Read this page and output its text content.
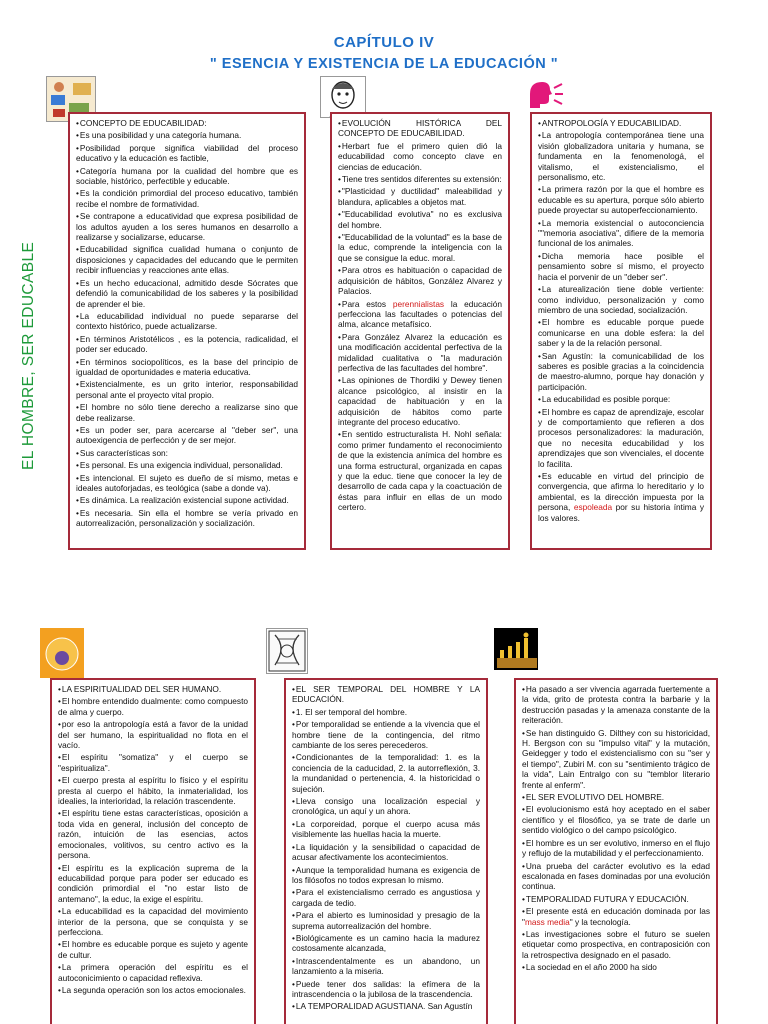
CAPÍTULO IV
" ESENCIA Y EXISTENCIA DE LA EDUCACIÓN "
EL HOMBRE, SER EDUCABLE
• CONCEPTO DE EDUCABILIDAD:
• Es una posibilidad y una categoría humana.
• Posibilidad porque significa viabilidad del proceso educativo y la educación es factible,
• Categoría humana por la cualidad del hombre que es sociable, histórico, perfectible y educable.
• Es la condición primordial del proceso educativo, también recibe el nombre de formatividad.
• Se contrapone a educatividad que expresa posibilidad de los adultos ayuden a los seres humanos en desarrollo a realizarse y socializarse, educarse.
• Educabilidad significa cualidad humana o conjunto de disposiciones y capacidades del educando que le permiten recibir influencias y reacciones ante ellas.
• Es un hecho educacional, admitido desde Sócrates que defendió la comunicabilidad de los saberes y la posibilidad de aprender el bie.
• La educabilidad individual no puede separarse del contexto histórico, puede actualizarse.
• En términos Aristotélicos , es la potencia, radicalidad, el poder ser educado.
• En términos sociopolíticos, es la base del principio de igualdad de oportunidades e materia educativa.
• Existencialmente, es un grito interior, responsabilidad personal ante el proyecto vital propio.
• El hombre no sólo tiene derecho a realizarse sino que debe realizarse.
• Es un poder ser, para acercarse al "deber ser", una autoexigencia de perfección y de ser mejor.
• Sus características son:
• Es personal. Es una exigencia individual, personalidad.
• Es intencional. El sujeto es dueño de sí mismo, metas e ideales autoforjadas, es teológica (sabe a donde va).
• Es dinámica. La realización existencial supone actividad.
• Es necesaria. Sin ella el hombre se vería privado en autorrealización, personalización y socialización.
• EVOLUCIÓN HISTÓRICA DEL CONCEPTO DE EDUCABILIDAD.
• Herbart fue el primero quien dió la educabilidad como concepto clave en ciencias de educación.
• Tiene tres sentidos diferentes su extensión:
• "Plasticidad y ductilidad" maleabilidad y blandura, aplicables a objetos mat.
• "Educabilidad evolutiva" no es exclusiva del hombre.
• "Educabilidad de la voluntad" es la base de la educ, comprende la inteligencia con la que se consigue la educ. moral.
• Para otros es habituación o capacidad de adquisición de hábitos, González Alvarez y Palacios.
• Para estos perennialistas la educación perfecciona las facultades o potencias del alma, alcance metafísico.
• Para González Alvarez la educación es una modificación accidental perfectiva de la midalidad cualitativa o "la maduración perfectiva de las facultades del hombre".
• Las opiniones de Thordiki y Dewey tienen alcance psicológico, al insistir en la capacidad de habituación y en la adquisición de hábitos como parte integrante del proceso educativo.
• En sentido estructuralista H. Nohl señala: como primer fundamento el reconocimiento de que la existencia anímica del hombre es una forma estructural, organizada en capas y que la educ. tiene que conocer la ley de desarrollo de cada capa y la coactuación de éstas para influir en ellas de un modo certero.
• ANTROPOLOGÍA Y EDUCABILIDAD.
• La antropología contemporánea tiene una visión globalizadora unitaria y humana, se fundamenta en la fenomenologá, el vitalismo, el existencialismo, el personalismo, etc.
• La primera razón por la que el hombre es educable es su apertura, porque sólo abierto puede proyectar su autoperfeccionamiento.
• La memoria existencial o autoconciencia ""memoria asociativa", difiere de la memoria funcional de los animales.
• Dicha memoria hace posible el pensamiento sobre sí mismo, el proyecto hacia el porvenir de un "deber ser".
• La aturealización tiene doble vertiente: como individuo, personalización y como miembro de una sociedad, socialización.
• El hombre es educable porque puede comunicarse en una doble esfera: la del saber y la de la relación personal.
• San Agustín: la comunicabilidad de los saberes es posible gracias a la coincidencia de maestro-alumno, porque hay donación y participación.
• La educabilidad es posible porque:
• El hombre es capaz de aprendizaje, escolar y de comportamiento que refieren a dos procesos personalizadores: la maduración, que no necesita educabilidad y los aprendizajes que son vivenciales, el docente lo facilita.
• Es educable en virtud del principio de convergencia, que afirma lo hereditario y lo ambiental, es la dirección impuesta por la persona, espoleada por su historia íntima y los valores.
• LA ESPIRITUALIDAD DEL SER HUMANO.
• El hombre entendido dualmente: como compuesto de alma y cuerpo.
• por eso la antropología está a favor de la unidad del ser humano, la espiritualidad no flota en el vacío.
• El espíritu "somatiza" y el cuerpo se "espiritualiza".
• El cuerpo presta al espíritu lo físico y el espíritu presta al cuerpo el hábito, la inmaterialidad, los idealies, la interioridad, la relación trascendente.
• El espíritu tiene estas características, oposición a toda vida en general, inclusión del concepto de razón, intuición de las esencias, actos emocionales, volitivos, su centro activo es la persona.
• El espíritu es la explicación suprema de la educabilidad porque para poder ser educado es condición primordial el "no estar listo de antemano", la educ, la exige el espíritu.
• La educabilidad es la capacidad del movimiento interior de la persona, que se conquista y se perfecciona.
• El hombre es educable porque es sujeto y agente de cultur.
• La primera operación del espíritu es el autoconicimiento o capacidad reflexiva.
• La segunda operación son los actos emocionales.
• EL SER TEMPORAL DEL HOMBRE Y LA EDUCACIÓN.
• 1. El ser temporal del hombre.
• Por temporalidad se entiende a la vivencia que el hombre tiene de la contingencia, del ritmo cambiante de los seres perecederos.
• Condicionantes de la temporalidad: 1. es la conciencia de la caducidad, 2. la autorreflexión, 3. la mundanidad o pertenencia, 4. la historicidad o sujeción.
• Lleva consigo una localización especial y cronológica, un aquí y un ahora.
• La corporeidad, porque el cuerpo acusa más visiblemente las huellas hacia la muerte.
• La liquidación y la sensibilidad o capacidad de acusar afectivamente los acontecimientos.
• Aunque la temporalidad humana es exigencia de los filósofos no todos expresan lo mismo.
• Para el existencialismo cerrado es angustiosa y cargada de tedio.
• Para el abierto es luminosidad y presagio de la suprema autorrealización del hombre.
• Biológicamente es un camino hacia la madurez costosamente alcanzada,
• Intrascendentalmente es un abandono, un lanzamiento a la miseria.
• Puede tener dos salidas: la efímera de la intrascendencia o la jubilosa de la trascendencia.
• LA TEMPORALIDAD AGUSTIANA. San Agustín
• Ha pasado a ser vivencia agarrada fuertemente a la vida, grito de protesta contra la barbarie y la destrucción pasadas y la amenaza constante de la reiteración.
• Se han distinguido G. Dilthey con su historicidad, H. Bergson con su "impulso vital" y la mutación, Geidegger y todo el existencialismo con su "ser y el tiempo", Zubiri M. con su "sentimiento trágico de la vida", Lain Entralgo con su "temblor literario frente al enferm".
• EL SER EVOLUTIVO DEL HOMBRE.
• El evolucionismo está hoy aceptado en el saber científico y el filosófico, ya se trate de darle un sentido viológico o del campo psicológico.
• El hombre es un ser evolutivo, inmerso en el flujo y reflujo de la mutabilidad y el perfeccionamiento.
• Una prueba del carácter evolutivo es la edad escalonada en fases dominadas por una evolución continua.
• TEMPORALIDAD FUTURA Y EDUCACIÓN.
• El presente está en educación dominada por las "mass media" y la tecnología.
• Las investigaciones sobre el futuro se suelen etiquetar como prospectiva, en contraposición con la retrospectiva designado en el pasado.
• La sociedad en el año 2000 ha sido
